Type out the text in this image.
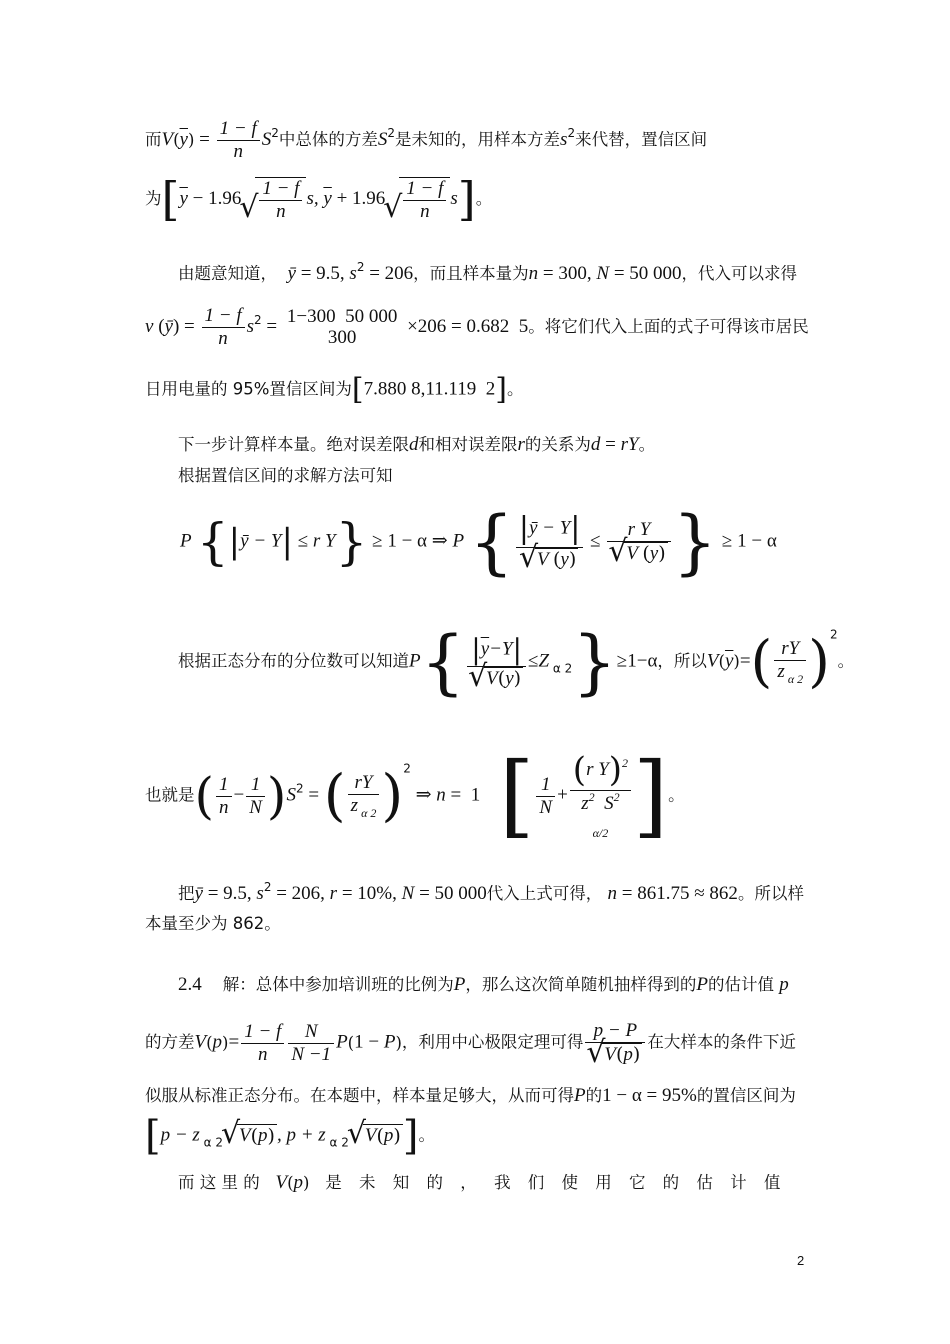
而$V(\overline{y}) = \frac{1 - f}{n} S^2$中总体的方差$S^2$是未知的，用样本方差$s^2$来代替，置信区间
为[$\overline{y} - 1.96$ √ $\frac{1 - f}{n} s$, $\overline{y} + 1.96$ √ $\frac{1 - f}{n} s$]。
由题意知道， ȳ = 9.5, $s^2 = 206$，而且样本量为n = 300, N = 50 000，代入可以求得
v (ȳ) = $\frac{1 - f}{n} s^2 = 1-300$  50 000
300
×206 = 0.682  5。将它们代入上面的式子可得该市居民
日用电量的 95%置信区间为[7.880 8,11.119  2]。
下一步计算样本量。绝对误差限d和相对误差限r的关系为d = rY。
根据置信区间的求解方法可知
P {|ȳ − Y| ≤ r Y} ≥ 1 − α ⇒ P { |ȳ − Y|
√ V $(\overline{y}) \le r$ Y
√ V $(\overline{y})$ } ≥ 1 − α
根据正态分布的分位数可以知道P{ $|\overline{y}-Y|$
√ $V(\overline{y}) \le Z$ $_{\alpha 2}$}≥1−α，所以$V(\overline{y})=( \frac{rY}{z _{\alpha 2}} )^2$。
也就是( $\frac{1}{n} - \frac{1}{N} )S^2$ = ( $\frac{rY}{z _{\alpha 2}} )^2$ ⇒ n =  1    [ $\frac{1}{N}$ +
(r Y)$^2$
$z^2$  $S^2$
$_{\alpha/2}$ ]。
把ȳ = 9.5, $s^2 = 206$, r = 10%, N = 50 000代入上式可得， n = 861.75 ≈ 862。所以样
本量至少为 862。
2.4 解：总体中参加培训班的比例为P，那么这次简单随机抽样得到的P的估计值 p
的方差$V(p)= \frac{1 - f}{n} \frac{N}{N -1} P(1 - P)$，利用中心极限定理可得 p − P
√ V(p) 在大样本的条件下近
似服从标准正态分布。在本题中，样本量足够大，从而可得P的1 − α = 95%的置信区间为
[p − z $_{\alpha 2}$ √ V(p) , p + z $_{\alpha 2}$ √ V(p)]。
而 这 里 的 V(p) 是 未 知 的 ， 我 们 使 用 它 的 估 计 值
2
